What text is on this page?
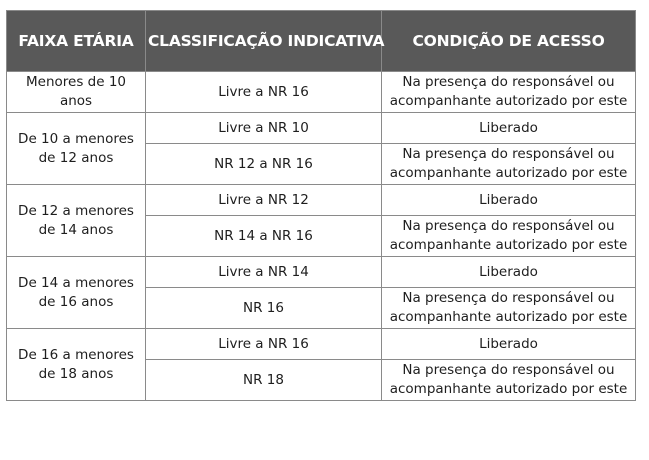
FAIXA ETÁRIA	CLASSIFICAÇÃO INDICATIVA	CONDIÇÃO DE ACESSO
Menores de 10 anos	Livre a NR 16	Na presença do responsável ou acompanhante autorizado por este
De 10 a menores de 12 anos	Livre a NR 10	Liberado
	NR 12 a NR 16	Na presença do responsável ou acompanhante autorizado por este
De 12 a menores de 14 anos	Livre a NR 12	Liberado
	NR 14 a NR 16	Na presença do responsável ou acompanhante autorizado por este
De 14 a menores de 16 anos	Livre a NR 14	Liberado
	NR 16	Na presença do responsável ou acompanhante autorizado por este
De 16 a menores de 18 anos	Livre a NR 16	Liberado
	NR 18	Na presença do responsável ou acompanhante autorizado por este
